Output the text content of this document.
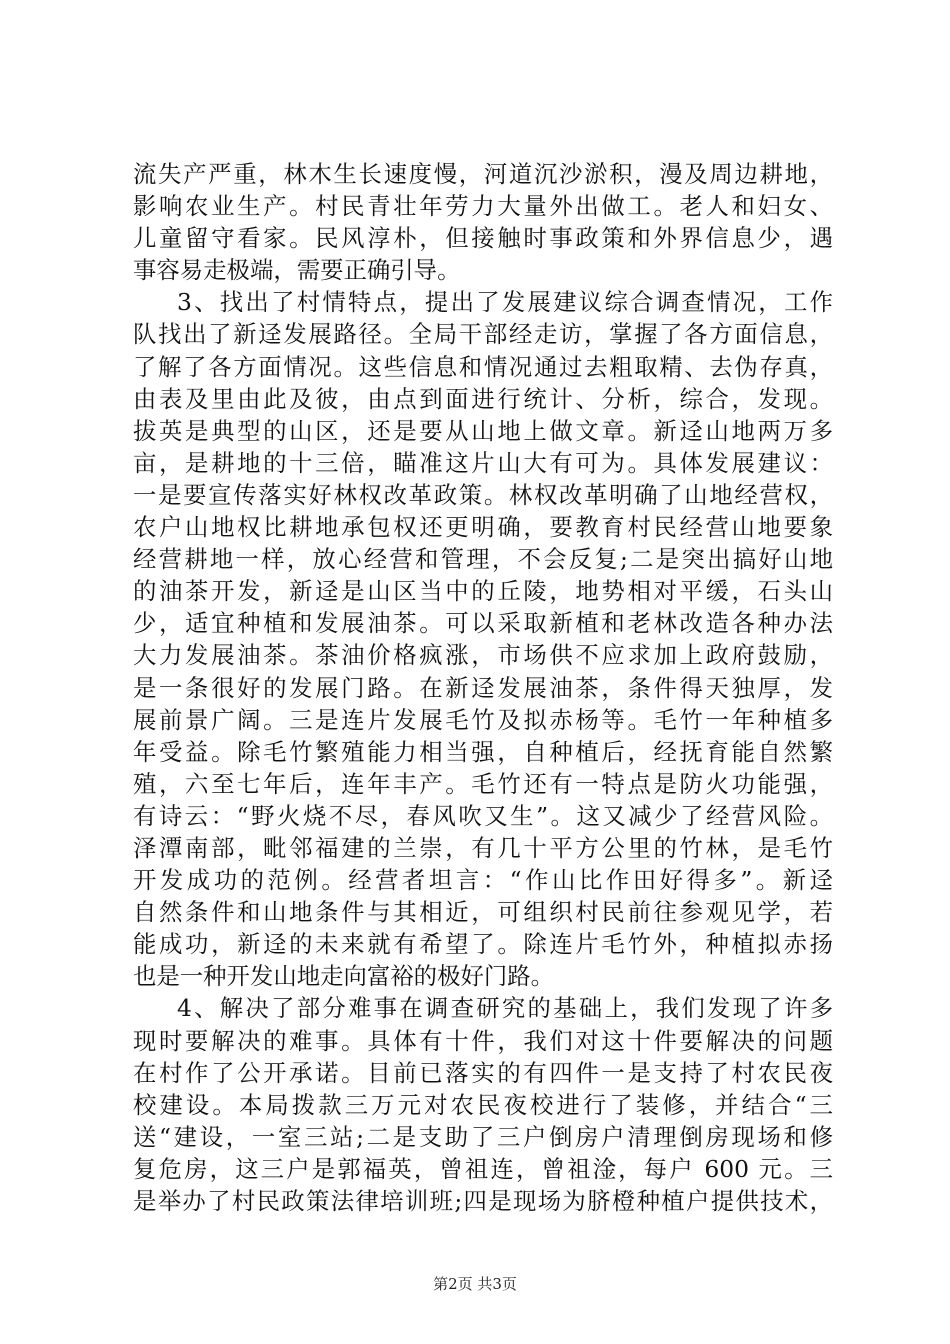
流失产严重，林木生长速度慢，河道沉沙淤积，漫及周边耕地，
影响农业生产。村民青壮年劳力大量外出做工。老人和妇女、
儿童留守看家。民风淳朴，但接触时事政策和外界信息少，遇
事容易走极端，需要正确引导。
3、找出了村情特点，提出了发展建议综合调查情况，工作
队找出了新迳发展路径。全局干部经走访，掌握了各方面信息，
了解了各方面情况。这些信息和情况通过去粗取精、去伪存真，
由表及里由此及彼，由点到面进行统计、分析，综合，发现。
拔英是典型的山区，还是要从山地上做文章。新迳山地两万多
亩，是耕地的十三倍，瞄准这片山大有可为。具体发展建议：
一是要宣传落实好林权改革政策。林权改革明确了山地经营权，
农户山地权比耕地承包权还更明确，要教育村民经营山地要象
经营耕地一样，放心经营和管理，不会反复;二是突出搞好山地
的油茶开发，新迳是山区当中的丘陵，地势相对平缓，石头山
少，适宜种植和发展油茶。可以采取新植和老林改造各种办法
大力发展油茶。茶油价格疯涨，市场供不应求加上政府鼓励，
是一条很好的发展门路。在新迳发展油茶，条件得天独厚，发
展前景广阔。三是连片发展毛竹及拟赤杨等。毛竹一年种植多
年受益。除毛竹繁殖能力相当强，自种植后，经抚育能自然繁
殖，六至七年后，连年丰产。毛竹还有一特点是防火功能强，
有诗云：“野火烧不尽，春风吹又生”。这又减少了经营风险。
泽潭南部，毗邻福建的兰崇，有几十平方公里的竹林，是毛竹
开发成功的范例。经营者坦言：“作山比作田好得多”。新迳
自然条件和山地条件与其相近，可组织村民前往参观见学，若
能成功，新迳的未来就有希望了。除连片毛竹外，种植拟赤扬
也是一种开发山地走向富裕的极好门路。
4、解决了部分难事在调查研究的基础上，我们发现了许多
现时要解决的难事。具体有十件，我们对这十件要解决的问题
在村作了公开承诺。目前已落实的有四件一是支持了村农民夜
校建设。本局拨款三万元对农民夜校进行了装修，并结合“三
送“建设，一室三站;二是支助了三户倒房户清理倒房现场和修
复危房，这三户是郭福英，曾祖连，曾祖淦，每户 600 元。三
是举办了村民政策法律培训班;四是现场为脐橙种植户提供技术，
第2页 共3页
